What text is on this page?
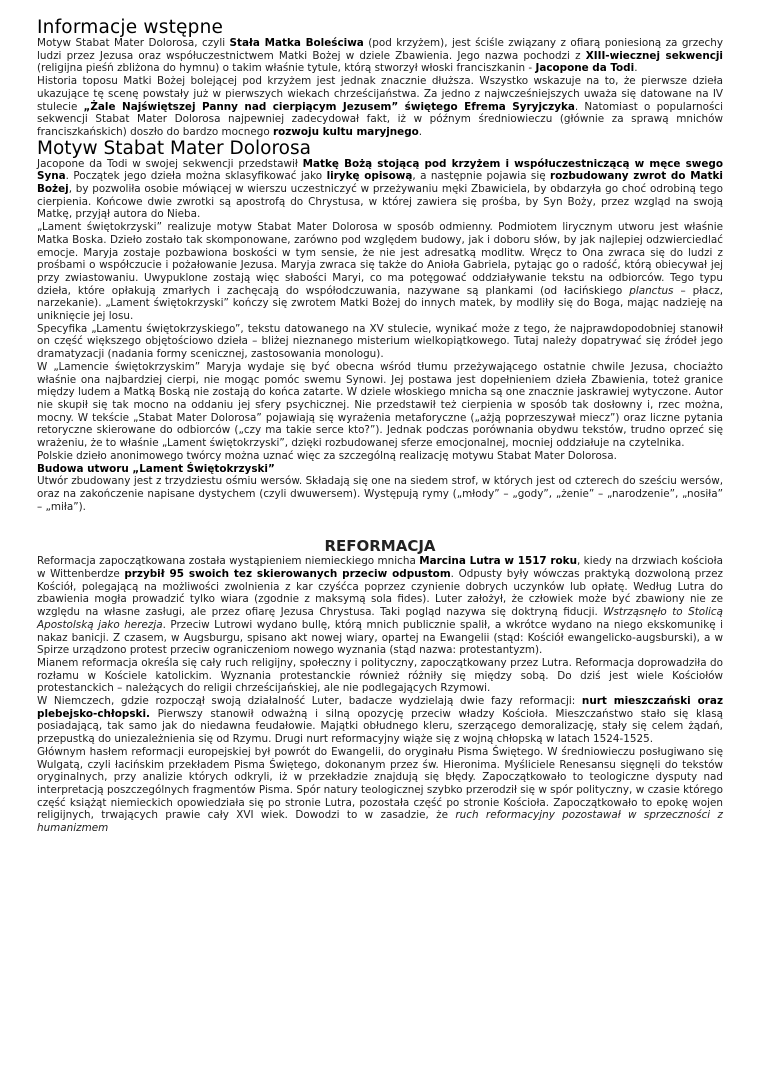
Informacje wstępne

Motyw Stabat Mater Dolorosa, czyli Stała Matka Boleściwa (pod krzyżem), jest ściśle związany z ofiarą poniesioną za grzechy ludzi przez Jezusa oraz współuczestnictwem Matki Bożej w dziele Zbawienia. Jego nazwa pochodzi z XIII-wiecznej sekwencji (religijna pieśń zbliżona do hymnu) o takim właśnie tytule, którą stworzył włoski franciszkanin - Jacopone da Todi.

Historia toposu Matki Bożej bolejącej pod krzyżem jest jednak znacznie dłuższa. Wszystko wskazuje na to, że pierwsze dzieła ukazujące tę scenę powstały już w pierwszych wiekach chrześcijaństwa. Za jedno z najwcześniejszych uważa się datowane na IV stulecie „Żale Najświętszej Panny nad cierpiącym Jezusem” świętego Efrema Syryjczyka. Natomiast o popularności sekwencji Stabat Mater Dolorosa najpewniej zadecydował fakt, iż w późnym średniowieczu (głównie za sprawą mnichów franciszkańskich) doszło do bardzo mocnego rozwoju kultu maryjnego.

Motyw Stabat Mater Dolorosa

Jacopone da Todi w swojej sekwencji przedstawił Matkę Bożą stojącą pod krzyżem i współuczestniczącą w męce swego Syna. Początek jego dzieła można sklasyfikować jako lirykę opisową, a następnie pojawia się rozbudowany zwrot do Matki Bożej, by pozwoliła osobie mówiącej w wierszu uczestniczyć w przeżywaniu męki Zbawiciela, by obdarzyła go choć odrobiną tego cierpienia. Końcowe dwie zwrotki są apostrofą do Chrystusa, w której zawiera się prośba, by Syn Boży, przez wzgląd na swoją Matkę, przyjął autora do Nieba.

„Lament świętokrzyski” realizuje motyw Stabat Mater Dolorosa w sposób odmienny. Podmiotem lirycznym utworu jest właśnie Matka Boska. Dzieło zostało tak skomponowane, zarówno pod względem budowy, jak i doboru słów, by jak najlepiej odzwierciedlać emocje. Maryja zostaje pozbawiona boskości w tym sensie, że nie jest adresatką modlitw. Wręcz to Ona zwraca się do ludzi z prośbami o współczucie i pożałowanie Jezusa. Maryja zwraca się także do Anioła Gabriela, pytając go o radość, którą obiecywał jej przy zwiastowaniu. Uwypuklone zostają więc słabości Maryi, co ma potęgować oddziaływanie tekstu na odbiorców. Tego typu dzieła, które opłakują zmarłych i zachęcają do współodczuwania, nazywane są plankami (od łacińskiego planctus – płacz, narzekanie). „Lament świętokrzyski” kończy się zwrotem Matki Bożej do innych matek, by modliły się do Boga, mając nadzieję na uniknięcie jej losu.

Specyfika „Lamentu świętokrzyskiego”, tekstu datowanego na XV stulecie, wynikać może z tego, że najprawdopodobniej stanowił on część większego objętościowo dzieła – bliżej nieznanego misterium wielkopiątkowego. Tutaj należy dopatrywać się źródeł jego dramatyzacji (nadania formy scenicznej, zastosowania monologu).

W „Lamencie świętokrzyskim” Maryja wydaje się być obecna wśród tłumu przeżywającego ostatnie chwile Jezusa, chociażto właśnie ona najbardziej cierpi, nie mogąc pomóc swemu Synowi. Jej postawa jest dopełnieniem dzieła Zbawienia, toteż granice między ludem a Matką Boską nie zostają do końca zatarte. W dziele włoskiego mnicha są one znacznie jaskrawiej wytyczone. Autor nie skupił się tak mocno na oddaniu jej sfery psychicznej. Nie przedstawił też cierpienia w sposób tak dosłowny i, rzec można, mocny. W tekście „Stabat Mater Dolorosa” pojawiają się wyrażenia metaforyczne („ażją poprzeszywał miecz”) oraz liczne pytania retoryczne skierowane do odbiorców („czy ma takie serce kto?”). Jednak podczas porównania obydwu tekstów, trudno oprzeć się wrażeniu, że to właśnie „Lament świętokrzyski”, dzięki rozbudowanej sferze emocjonalnej, mocniej oddziałuje na czytelnika.

Polskie dzieło anonimowego twórcy można uznać więc za szczególną realizację motywu Stabat Mater Dolorosa.

Budowa utworu „Lament Świętokrzyski”

Utwór zbudowany jest z trzydziestu ośmiu wersów. Składają się one na siedem strof, w których jest od czterech do sześciu wersów, oraz na zakończenie napisane dystychem (czyli dwuwersem). Występują rymy („młody” – „gody”, „żenie” – „narodzenie”, „nosiła” – „miła”).

REFORMACJA

Reformacja zapoczątkowana została wystąpieniem niemieckiego mnicha Marcina Lutra w 1517 roku, kiedy na drzwiach kościoła w Wittenberdze przybił 95 swoich tez skierowanych przeciw odpustom. Odpusty były wówczas praktyką dozwoloną przez Kościół, polegającą na możliwości zwolnienia z kar czyśćca poprzez czynienie dobrych uczynków lub opłatę. Według Lutra do zbawienia mogła prowadzić tylko wiara (zgodnie z maksymą sola fides). Luter założył, że człowiek może być zbawiony nie ze względu na własne zasługi, ale przez ofiarę Jezusa Chrystusa. Taki pogląd nazywa się doktryną fiducji. Wstrząsnęło to Stolicą Apostolską jako herezja. Przeciw Lutrowi wydano bullę, którą mnich publicznie spalił, a wkrótce wydano na niego ekskomunikę i nakaz banicji. Z czasem, w Augsburgu, spisano akt nowej wiary, opartej na Ewangelii (stąd: Kościół ewangelicko-augsburski), a w Spirze urządzono protest przeciw ograniczeniom nowego wyznania (stąd nazwa: protestantyzm).

Mianem reformacja określa się cały ruch religijny, społeczny i polityczny, zapoczątkowany przez Lutra. Reformacja doprowadziła do rozłamu w Kościele katolickim. Wyznania protestanckie również różniły się między sobą. Do dziś jest wiele Kościołów protestanckich – należących do religii chrześcijańskiej, ale nie podlegających Rzymowi.

W Niemczech, gdzie rozpoczął swoją działalność Luter, badacze wydzielają dwie fazy reformacji: nurt mieszczański oraz plebejsko-chłopski. Pierwszy stanowił odważną i silną opozycję przeciw władzy Kościoła. Mieszczaństwo stało się klasą posiadającą, tak samo jak do niedawna feudałowie. Majątki obłudnego kleru, szerzącego demoralizację, stały się celem żądań, przepustką do uniezależnienia się od Rzymu. Drugi nurt reformacyjny wiąże się z wojną chłopską w latach 1524-1525.

Głównym hasłem reformacji europejskiej był powrót do Ewangelii, do oryginału Pisma Świętego. W średniowieczu posługiwano się Wulgatą, czyli łacińskim przekładem Pisma Świętego, dokonanym przez św. Hieronima. Myśliciele Renesansu sięgnęli do tekstów oryginalnych, przy analizie których odkryli, iż w przekładzie znajdują się błędy. Zapoczątkowało to teologiczne dysputy nad interpretacją poszczególnych fragmentów Pisma. Spór natury teologicznej szybko przerodził się w spór polityczny, w czasie którego część książąt niemieckich opowiedziała się po stronie Lutra, pozostała część po stronie Kościoła. Zapoczątkowało to epokę wojen religijnych, trwających prawie cały XVI wiek. Dowodzi to w zasadzie, że ruch reformacyjny pozostawał w sprzeczności z humanizmem
